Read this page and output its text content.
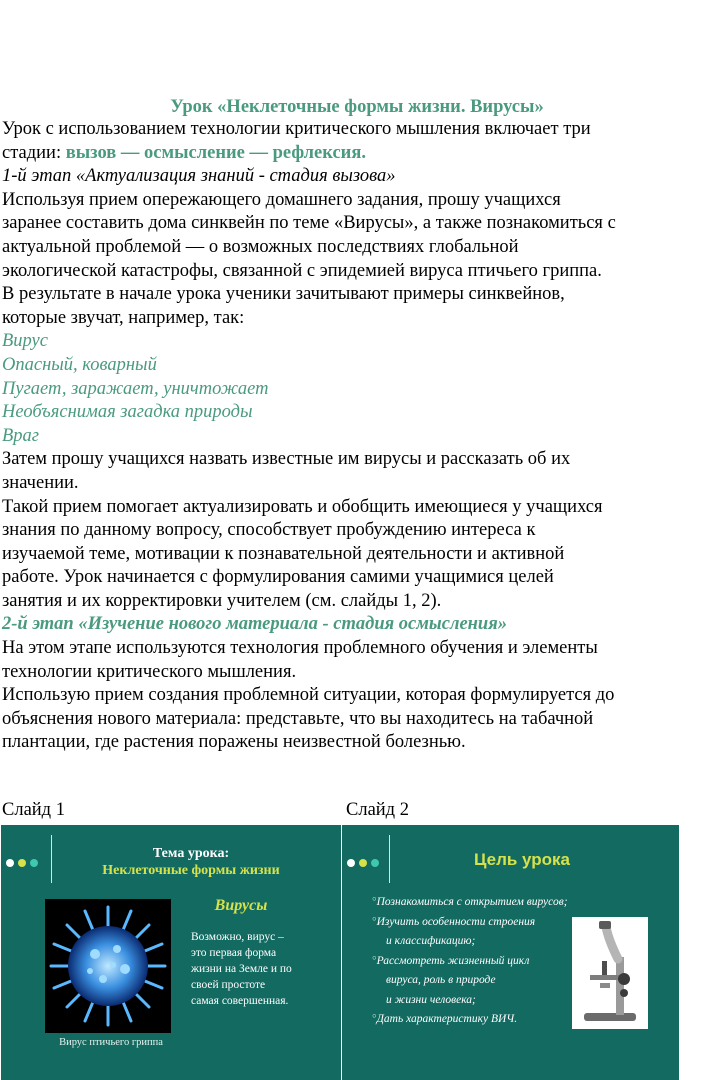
Урок «Неклеточные формы жизни. Вирусы»

Урок с использованием технологии критического мышления включает три

стадии: вызов — осмысление — рефлексия.

1-й этап «Актуализация знаний - стадия вызова»

Используя прием опережающего домашнего задания, прошу учащихся

заранее составить дома синквейн по теме «Вирусы», а также познакомиться с

актуальной проблемой — о возможных последствиях глобальной

экологической катастрофы, связанной с эпидемией вируса птичьего гриппа.

В результате в начале урока ученики зачитывают примеры синквейнов,

которые звучат, например, так:

Вирус

Опасный, коварный

Пугает, заражает, уничтожает

Необъяснимая загадка природы

Враг

Затем прошу учащихся назвать известные им вирусы и рассказать об их

значении.

Такой прием помогает актуализировать и обобщить имеющиеся у учащихся

знания по данному вопросу, способствует пробуждению интереса к

изучаемой теме, мотивации к познавательной деятельности и активной

работе. Урок начинается с формулирования самими учащимися целей

занятия и их корректировки учителем (см. слайды 1, 2).

2-й этап «Изучение нового материала - стадия осмысления»

На этом этапе используются технология проблемного обучения и элементы

технологии критического мышления.

Использую прием создания проблемной ситуации, которая формулируется до

объяснения нового материала: представьте, что вы находитесь на табачной

плантации, где растения поражены неизвестной болезнью.

Слайд 1	Слайд 2
Тема урока:
Неклеточные формы жизни
Вирус птичьего гриппа
Вирусы
Возможно, вирус –
это первая форма
жизни на Земле и по
своей простоте
самая совершенная.
Цель урока
°Познакомиться с открытием вирусов;
°Изучить особенности строения
и классификацию;
°Рассмотреть жизненный цикл
вируса, роль в природе
и жизни человека;
°Дать характеристику ВИЧ.
